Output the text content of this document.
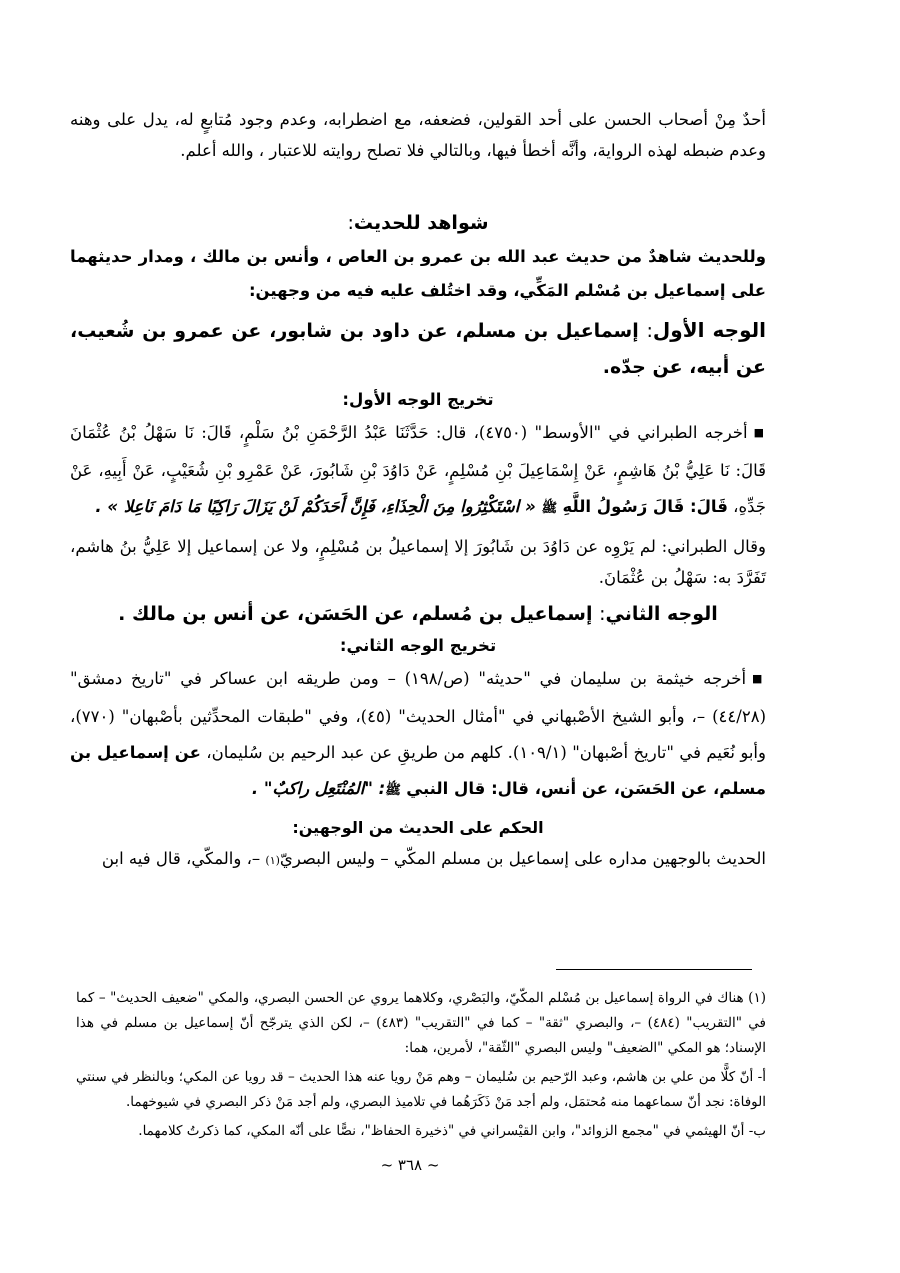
أحدٌ مِنْ أصحاب الحسن على أحد القولين، فضعفه، مع اضطرابه، وعدم وجود مُتابعٍ له، يدل على وهنه وعدم ضبطه لهذه الرواية، وأنَّه أخطأ فيها، وبالتالي فلا تصلح روايته للاعتبار ، والله أعلم.

شواهد للحديث:

وللحديث شاهدٌ من حديث عبد الله بن عمرو بن العاص ، وأنس بن مالك ، ومدار حديثهما على إسماعيل بن مُسْلم المَكِّي، وقد اختُلف عليه فيه من وجهين:

الوجه الأول: إسماعيل بن مسلم، عن داود بن شابور، عن عمرو بن شُعيب، عن أبيه، عن جدّه.

تخريج الوجه الأول:

■أخرجه الطبراني في "الأوسط" (٤٧٥٠)، قال: حَدَّثَنَا عَبْدُ الرَّحْمَنِ بْنُ سَلْمٍ، قَالَ: نَا سَهْلُ بْنُ عُثْمَانَ قَالَ: نَا عَلِيُّ بْنُ هَاشِمٍ، عَنْ إِسْمَاعِيلَ بْنِ مُسْلِمٍ، عَنْ دَاوُدَ بْنِ شَابُورَ، عَنْ عَمْرِو بْنِ شُعَيْبٍ، عَنْ أَبِيهِ، عَنْ جَدِّهِ، قَالَ: قَالَ رَسُولُ اللَّهِ ﷺ « اسْتَكْثِرُوا مِنَ الْحِذَاءِ، فَإِنَّ أَحَدَكُمْ لَنْ يَزَالَ رَاكِبًا مَا دَامَ نَاعِلا » .

وقال الطبراني: لم يَرْوِه عن دَاوُدَ بن شَابُورَ إلا إسماعيلُ بن مُسْلِمٍ، ولا عن إسماعيل إلا عَلِيُّ بنُ هاشم، تَفَرَّدَ به: سَهْلُ بن عُثْمَانَ.

الوجه الثاني: إسماعيل بن مُسلم، عن الحَسَن، عن أنس بن مالك .

تخريج الوجه الثاني:

■أخرجه خيثمة بن سليمان في "حديثه" (ص/١٩٨) – ومن طريقه ابن عساكر في "تاريخ دمشق" (٤٤/٢٨) –، وأبو الشيخ الأصْبهاني في "أمثال الحديث" (٤٥)، وفي "طبقات المحدِّثين بأصْبهان" (٧٧٠)، وأبو نُعَيم في "تاريخ أصْبهان" (١٠٩/١). كلهم من طريقِ عن عبد الرحيم بن سُليمان، عن إسماعيل بن مسلم، عن الحَسَن، عن أنس، قال: قال النبي ﷺ: "المُنْتَعِل راكبٌ" .

الحكم على الحديث من الوجهين:

الحديث بالوجهين مداره على إسماعيل بن مسلم المكّي – وليس البصريّ(١) –، والمكّي، قال فيه ابن

(١) هناك في الرواة إسماعيل بن مُسْلم المكّيّ، والبَصْري، وكلاهما يروي عن الحسن البصري، والمكي "ضعيف الحديث" – كما في "التقريب" (٤٨٤) –، والبصري "ثقة" – كما في "التقريب" (٤٨٣) –، لكن الذي يترجّح أنّ إسماعيل بن مسلم في هذا الإسناد؛ هو المكي "الضعيف" وليس البصري "الثّقة"، لأمرين، هما:

أ- أنّ كلًّا من علي بن هاشم، وعبد الرّحيم بن سُليمان – وهم مَنْ رويا عنه هذا الحديث – قد رويا عن المكي؛ وبالنظر في سنتي الوفاة: نجد أنّ سماعهما منه مُحتمَل، ولم أجد مَنْ ذَكَرَهُما في تلاميذ البصري، ولم أجد مَنْ ذكر البصري في شيوخهما.

ب- أنّ الهيثمي في "مجمع الزوائد"، وابن القيْسراني في "ذخيرة الحفاظ"، نصًّا على أنّه المكي، كما ذكرتُ كلامهما.

~ ٣٦٨ ~
